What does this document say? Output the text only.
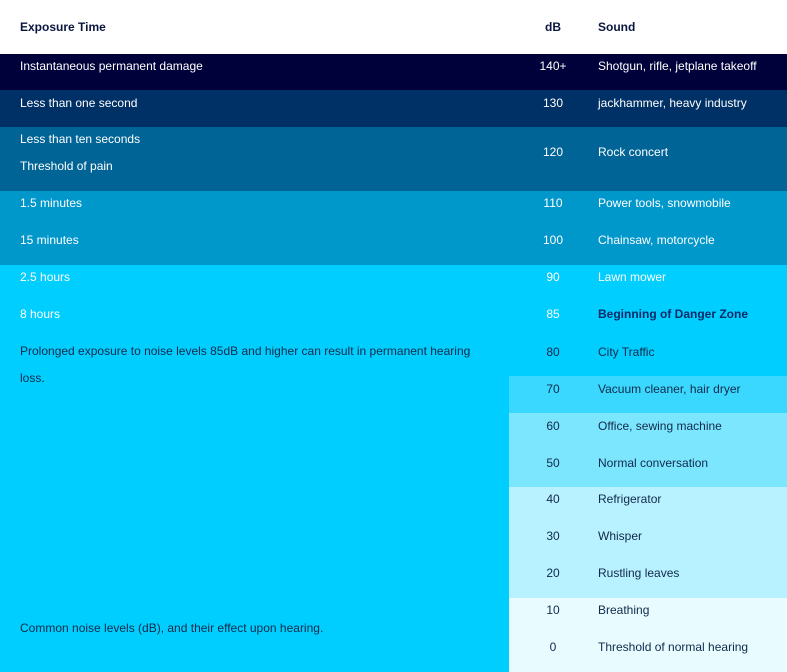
Exposure Time	dB	Sound
Instantaneous permanent damage	140+	Shotgun, rifle, jetplane takeoff
Less than one second	130	jackhammer, heavy industry
Less than ten seconds
Threshold of pain
120	Rock concert
1.5 minutes	110	Power tools, snowmobile
15 minutes	100	Chainsaw, motorcycle
2.5 hours	90	Lawn mower
8 hours	85	Beginning of Danger Zone
Prolonged exposure to noise levels 85dB and higher can result in permanent hearing loss.
Common noise levels (dB), and their effect upon hearing.
80	City Traffic
70	Vacuum cleaner, hair dryer
60	Office, sewing machine
50	Normal conversation
40	Refrigerator
30	Whisper
20	Rustling leaves
10	Breathing
0	Threshold of normal hearing
